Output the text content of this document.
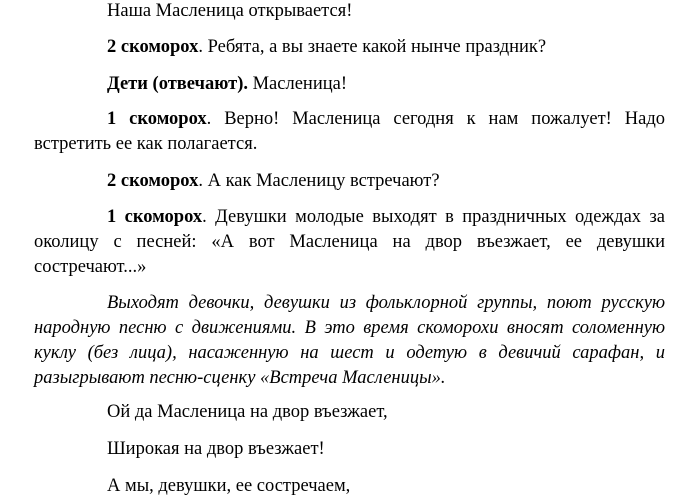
Наша Масленица открывается!

2 скоморох. Ребята, а вы знаете какой нынче праздник?

Дети (отвечают). Масленица!

1 скоморох. Верно! Масленица сегодня к нам пожалует! Надо встретить ее как полагается.

2 скоморох. А как Масленицу встречают?

1 скоморох. Девушки молодые выходят в праздничных одеждах за околицу с песней: «А вот Масленица на двор въезжает, ее девушки состречают...»

Выходят девочки, девушки из фольклорной группы, поют русскую народную песню с движениями. В это время скоморохи вносят соломенную куклу (без лица), насаженную на шест и одетую в девичий сарафан, и разыгрывают песню-сценку «Встреча Масленицы».

Ой да Масленица на двор въезжает,

Широкая на двор въезжает!

А мы, девушки, ее состречаем,
